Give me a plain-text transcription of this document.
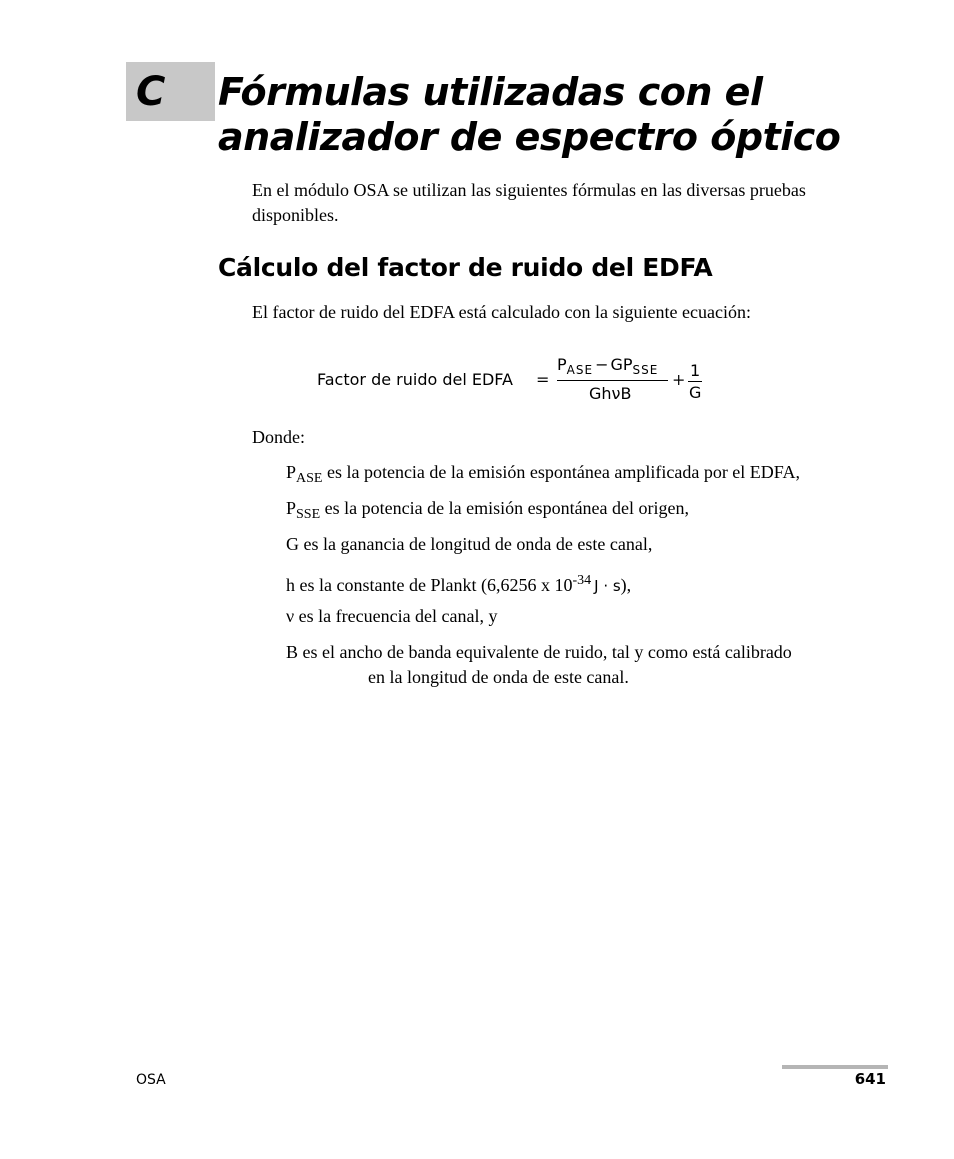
C Fórmulas utilizadas con el
analizador de espectro óptico

En el módulo OSA se utilizan las siguientes fórmulas en las diversas pruebas disponibles.

Cálculo del factor de ruido del EDFA

El factor de ruido del EDFA está calculado con la siguiente ecuación:

Factor de ruido del EDFA =
$P_{ASE} - GP_{SSE}$
GhνB
+ 1
G

Donde:

$P_{ASE}$ es la potencia de la emisión espontánea amplificada por el EDFA,
$P_{SSE}$ es la potencia de la emisión espontánea del origen,
G es la ganancia de longitud de onda de este canal,
h es la constante de Plankt (6,6256 x $10^{-34}$ J · s),
ν es la frecuencia del canal, y
B es el ancho de banda equivalente de ruido, tal y como está calibrado
en la longitud de onda de este canal.
OSA	641
